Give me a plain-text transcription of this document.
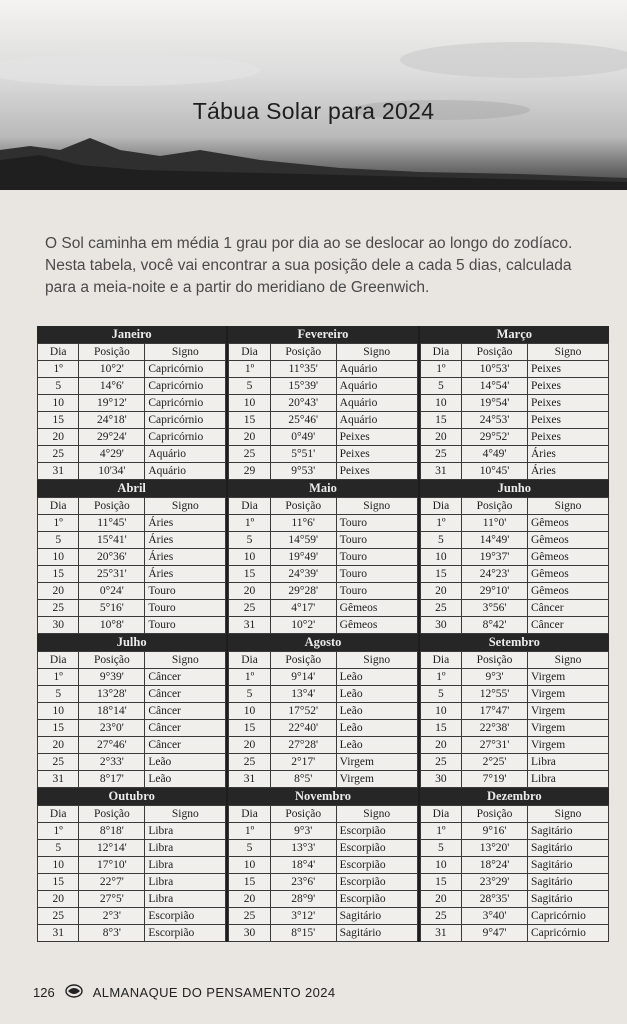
Tábua Solar para 2024

O Sol caminha em média 1 grau por dia ao se deslocar ao longo do zodíaco.

Nesta tabela, você vai encontrar a sua posição dele a cada 5 dias, calculada

para a meia-noite e a partir do meridiano de Greenwich.

Janeiro
Dia	Posição	Signo
1º	10°2'	Capricórnio
5	14°6'	Capricórnio
10	19°12'	Capricórnio
15	24°18'	Capricórnio
20	29°24'	Capricórnio
25	4°29'	Aquário
31	10'34'	Aquário
Fevereiro
Dia	Posição	Signo
1º	11°35'	Aquário
5	15°39'	Aquário
10	20°43'	Aquário
15	25°46'	Aquário
20	0°49'	Peixes
25	5°51'	Peixes
29	9°53'	Peixes
Março
Dia	Posição	Signo
1º	10°53'	Peixes
5	14°54'	Peixes
10	19°54'	Peixes
15	24°53'	Peixes
20	29°52'	Peixes
25	4°49'	Áries
31	10°45'	Áries
Abril
Dia	Posição	Signo
1º	11°45'	Áries
5	15°41'	Áries
10	20°36'	Áries
15	25°31'	Áries
20	0°24'	Touro
25	5°16'	Touro
30	10°8'	Touro
Maio
Dia	Posição	Signo
1º	11°6'	Touro
5	14°59'	Touro
10	19°49'	Touro
15	24°39'	Touro
20	29°28'	Touro
25	4°17'	Gêmeos
31	10°2'	Gêmeos
Junho
Dia	Posição	Signo
1º	11°0'	Gêmeos
5	14°49'	Gêmeos
10	19°37'	Gêmeos
15	24°23'	Gêmeos
20	29°10'	Gêmeos
25	3°56'	Câncer
30	8°42'	Câncer
Julho
Dia	Posição	Signo
1º	9°39'	Câncer
5	13°28'	Câncer
10	18°14'	Câncer
15	23°0'	Câncer
20	27°46'	Câncer
25	2°33'	Leão
31	8°17'	Leão
Agosto
Dia	Posição	Signo
1º	9°14'	Leão
5	13°4'	Leão
10	17°52'	Leão
15	22°40'	Leão
20	27°28'	Leão
25	2°17'	Virgem
31	8°5'	Virgem
Setembro
Dia	Posição	Signo
1º	9°3'	Virgem
5	12°55'	Virgem
10	17°47'	Virgem
15	22°38'	Virgem
20	27°31'	Virgem
25	2°25'	Libra
30	7°19'	Libra
Outubro
Dia	Posição	Signo
1º	8°18'	Libra
5	12°14'	Libra
10	17°10'	Libra
15	22°7'	Libra
20	27°5'	Libra
25	2°3'	Escorpião
31	8°3'	Escorpião
Novembro
Dia	Posição	Signo
1º	9°3'	Escorpião
5	13°3'	Escorpião
10	18°4'	Escorpião
15	23°6'	Escorpião
20	28°9'	Escorpião
25	3°12'	Sagitário
30	8°15'	Sagitário
Dezembro
Dia	Posição	Signo
1º	9°16'	Sagitário
5	13°20'	Sagitário
10	18°24'	Sagitário
15	23°29'	Sagitário
20	28°35'	Sagitário
25	3°40'	Capricórnio
31	9°47'	Capricórnio
126	ALMANAQUE DO PENSAMENTO 2024
